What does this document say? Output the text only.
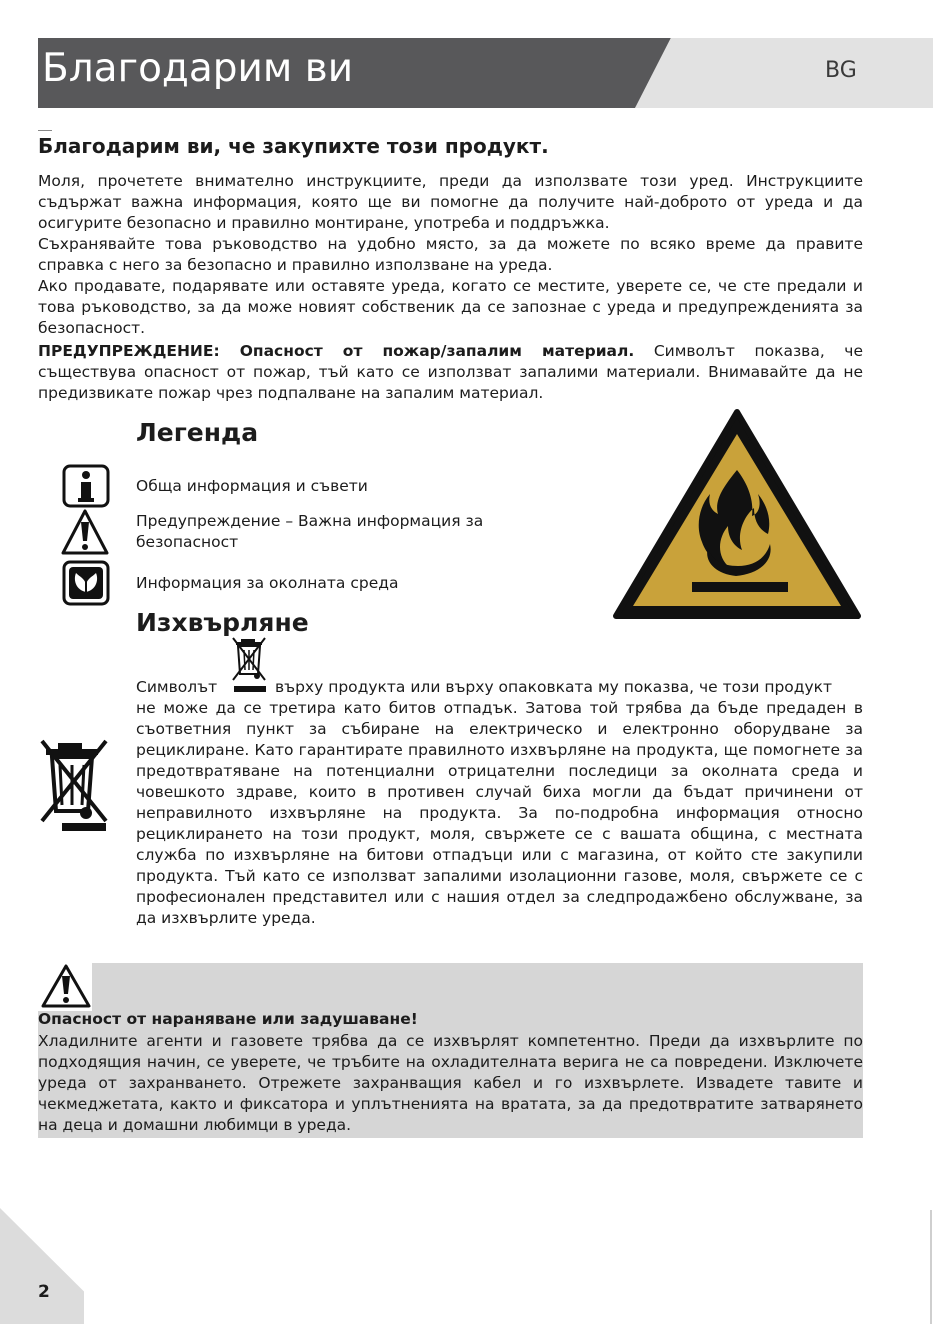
Благодарим ви	BG
Благодарим ви, че закупихте този продукт.

Моля, прочетете внимателно инструкциите, преди да използвате този уред. Инструкциите съдържат важна информация, която ще ви помогне да получите най-доброто от уреда и да осигурите безопасно и правилно монтиране, употреба и поддръжка.

Съхранявайте това ръководство на удобно място, за да можете по всяко време да правите справка с него за безопасно и правилно използване на уреда.

Ако продавате, подарявате или оставяте уреда, когато се местите, уверете се, че сте предали и това ръководство, за да може новият собственик да се запознае с уреда и предупрежденията за безопасност.

ПРЕДУПРЕЖДЕНИЕ: Опасност от пожар/запалим материал. Символът показва, че съществува опасност от пожар, тъй като се използват запалими материали. Внимавайте да не предизвикате пожар чрез подпалване на запалим материал.

Легенда
Обща информация и съвети
Предупреждение – Важна информация за
безопасност
Информация за околната среда
Изхвърляне
Символът	върху продукта или върху опаковката му показва, че този продукт

не може да се третира като битов отпадък. Затова той трябва да бъде предаден в съответния пункт за събиране на електрическо и електронно оборудване за рециклиране. Като гарантирате правилното изхвърляне на продукта, ще помогнете за предотвратяване на потенциални отрицателни последици за околната среда и човешкото здраве, които в противен случай биха могли да бъдат причинени от неправилното изхвърляне на продукта. За по-подробна информация относно рециклирането на този продукт, моля, свържете се с вашата община, с местната служба по изхвърляне на битови отпадъци или с магазина, от който сте закупили продукта. Тъй като се използват запалими изолационни газове, моля, свържете се с професионален представител или с нашия отдел за следпродажбено обслужване, за да изхвърлите уреда.

Опасност от нараняване или задушаване!

Хладилните агенти и газовете трябва да се изхвърлят компетентно. Преди да изхвърлите по подходящия начин, се уверете, че тръбите на охладителната верига не са повредени. Изключете уреда от захранването. Отрежете захранващия кабел и го изхвърлете. Извадете тавите и чекмеджетата, както и фиксатора и уплътненията на вратата, за да предотвратите затварянето на деца и домашни любимци в уреда.

2
